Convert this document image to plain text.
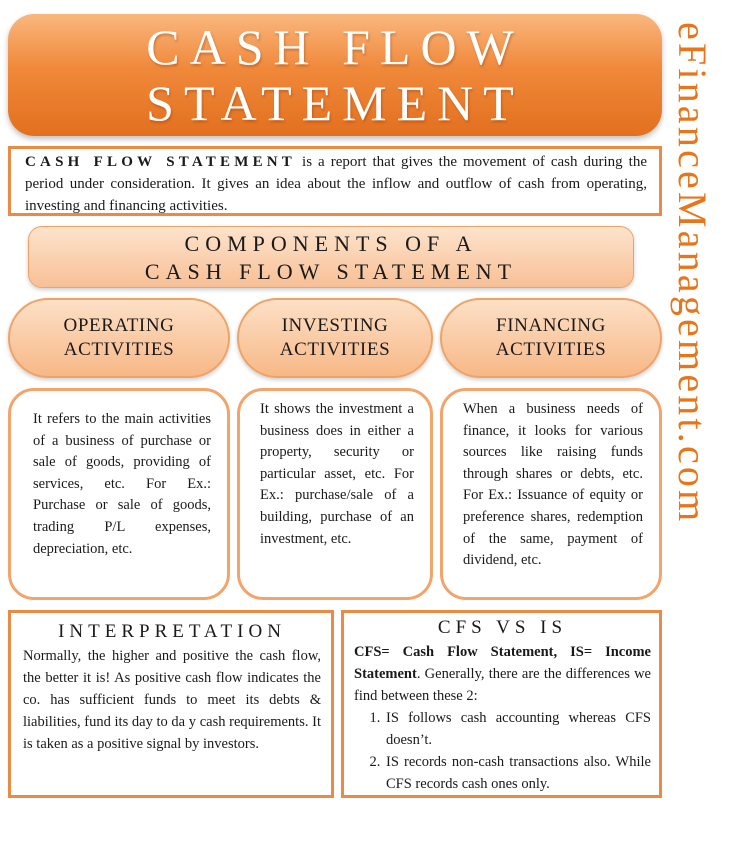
CASH FLOW
STATEMENT	eFinanceManagement.com
CASH FLOW STATEMENT is a report that gives the movement of cash during the period under consideration. It gives an idea about the inflow and outflow of cash from operating, investing and financing activities.
COMPONENTS OF A
CASH FLOW STATEMENT
OPERATING
ACTIVITIES
INVESTING
ACTIVITIES
FINANCING
ACTIVITIES
It refers to the main activities of a business of purchase or sale of goods, providing of services, etc. For Ex.: Purchase or sale of goods, trading P/L expenses, depreciation, etc.
It shows the investment a business does in either a property, security or particular asset, etc. For Ex.: purchase/sale of a building, purchase of an investment, etc.
When a business needs of finance, it looks for various sources like raising funds through shares or debts, etc. For Ex.: Issuance of equity or preference shares, redemption of the same, payment of dividend, etc.
INTERPRETATION
Normally, the higher and positive the cash flow, the better it is! As positive cash flow indicates the co. has sufficient funds to meet its debts & liabilities, fund its day to da y cash requirements. It is taken as a positive signal by investors.
CFS VS IS
CFS= Cash Flow Statement, IS= Income Statement. Generally, there are the differences we find between these 2:
1. IS follows cash accounting whereas CFS doesn’t.
2. IS records non-cash transactions also. While CFS records cash ones only.
